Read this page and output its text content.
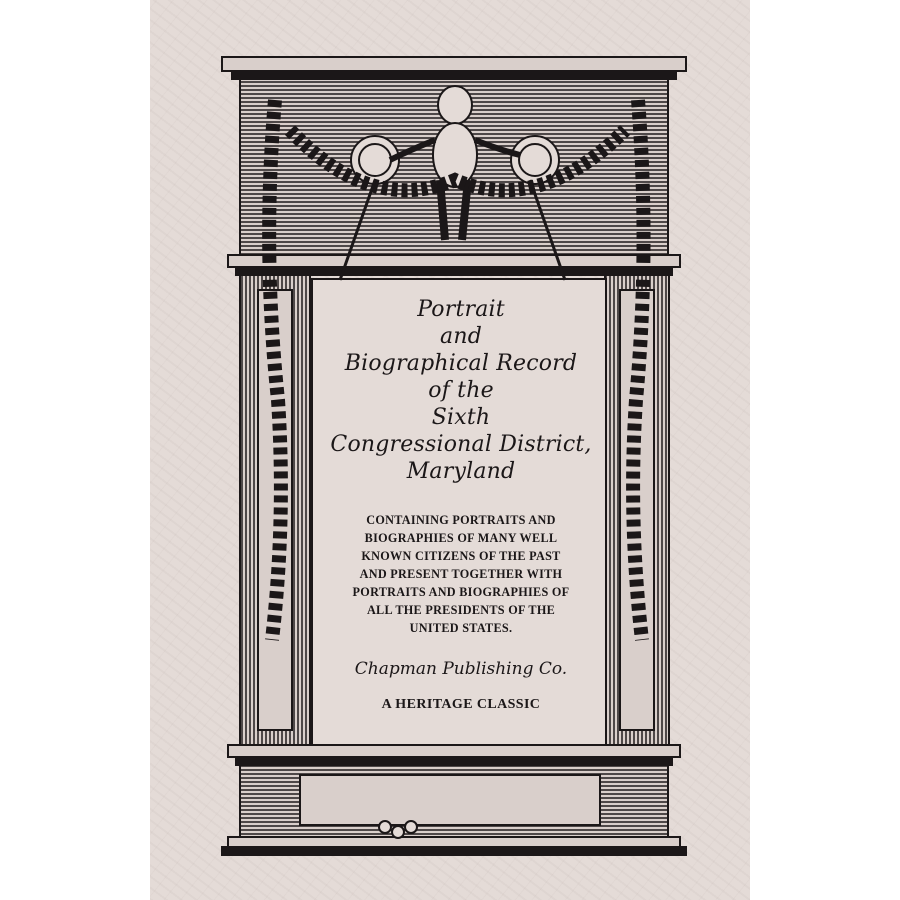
Portrait

and

Biographical Record

of the

Sixth

Congressional District,

Maryland

CONTAINING PORTRAITS AND
BIOGRAPHIES OF MANY WELL
KNOWN CITIZENS OF THE PAST
AND PRESENT TOGETHER WITH
PORTRAITS AND BIOGRAPHIES OF
ALL THE PRESIDENTS OF THE
UNITED STATES.
Chapman Publishing Co.
A HERITAGE CLASSIC
